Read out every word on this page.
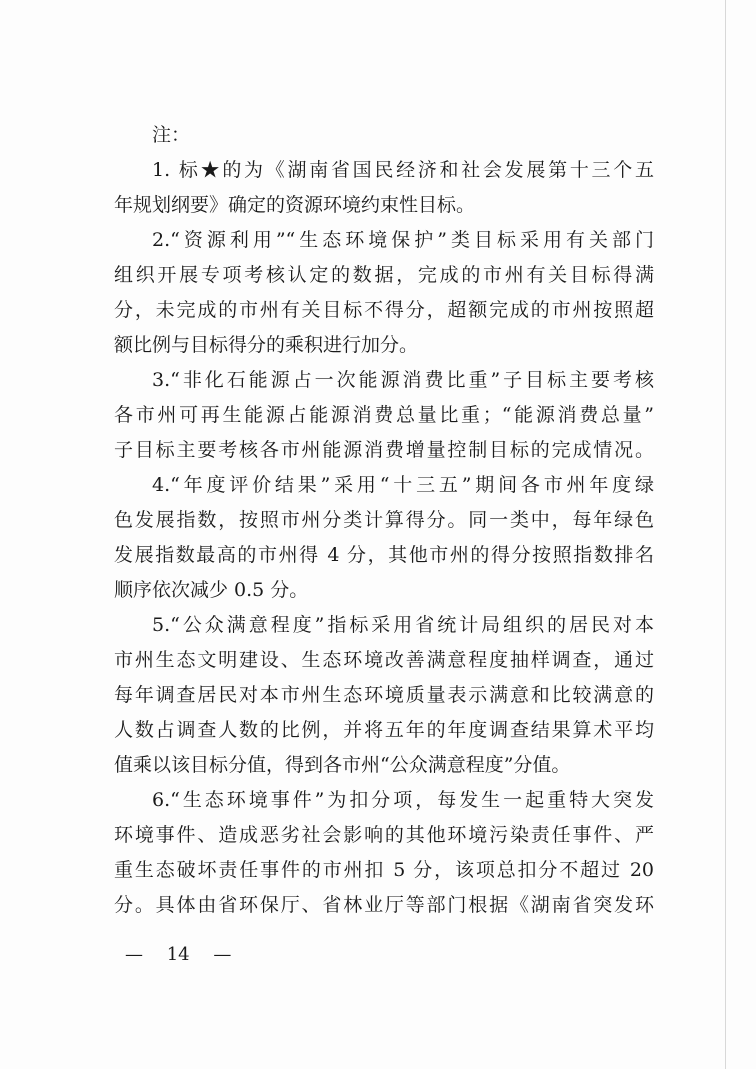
注：
1. 标★的为《湖南省国民经济和社会发展第十三个五
年规划纲要》确定的资源环境约束性目标。
2.“资源利用”“生态环境保护”类目标采用有关部门
组织开展专项考核认定的数据，完成的市州有关目标得满
分，未完成的市州有关目标不得分，超额完成的市州按照超
额比例与目标得分的乘积进行加分。
3.“非化石能源占一次能源消费比重”子目标主要考核
各市州可再生能源占能源消费总量比重；“能源消费总量”
子目标主要考核各市州能源消费增量控制目标的完成情况。
4.“年度评价结果”采用“十三五”期间各市州年度绿
色发展指数，按照市州分类计算得分。同一类中，每年绿色
发展指数最高的市州得 4 分，其他市州的得分按照指数排名
顺序依次减少 0.5 分。
5.“公众满意程度”指标采用省统计局组织的居民对本
市州生态文明建设、生态环境改善满意程度抽样调查，通过
每年调查居民对本市州生态环境质量表示满意和比较满意的
人数占调查人数的比例，并将五年的年度调查结果算术平均
值乘以该目标分值，得到各市州“公众满意程度”分值。
6.“生态环境事件”为扣分项，每发生一起重特大突发
环境事件、造成恶劣社会影响的其他环境污染责任事件、严
重生态破坏责任事件的市州扣 5 分，该项总扣分不超过 20
分。具体由省环保厅、省林业厅等部门根据《湖南省突发环
— 14 —
